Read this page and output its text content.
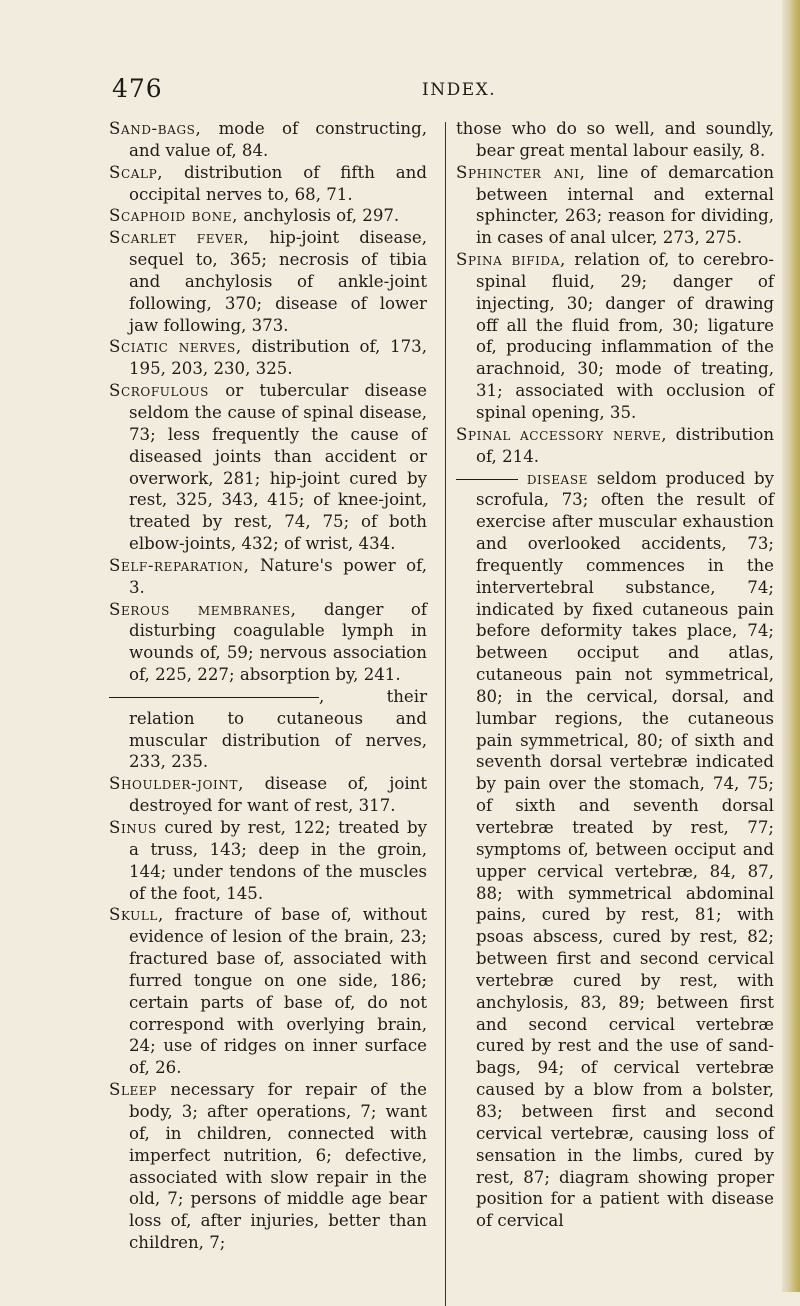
476	INDEX.

Sand-bags, mode of constructing, and value of, 84.

Scalp, distribution of fifth and occipital nerves to, 68, 71.

Scaphoid bone, anchylosis of, 297.

Scarlet fever, hip-joint disease, sequel to, 365; necrosis of tibia and anchylosis of ankle-joint following, 370; disease of lower jaw following, 373.

Sciatic nerves, distribution of, 173, 195, 203, 230, 325.

Scrofulous or tubercular disease seldom the cause of spinal disease, 73; less frequently the cause of diseased joints than accident or overwork, 281; hip-joint cured by rest, 325, 343, 415; of knee-joint, treated by rest, 74, 75; of both elbow-joints, 432; of wrist, 434.

Self-reparation, Nature's power of, 3.

Serous membranes, danger of disturbing coagulable lymph in wounds of, 59; nervous association of, 225, 227; absorption by, 241.

, their relation to cutaneous and muscular distribution of nerves, 233, 235.

Shoulder-joint, disease of, joint destroyed for want of rest, 317.

Sinus cured by rest, 122; treated by a truss, 143; deep in the groin, 144; under tendons of the muscles of the foot, 145.

Skull, fracture of base of, without evidence of lesion of the brain, 23; fractured base of, associated with furred tongue on one side, 186; certain parts of base of, do not correspond with overlying brain, 24; use of ridges on inner surface of, 26.

Sleep necessary for repair of the body, 3; after operations, 7; want of, in children, connected with imperfect nutrition, 6; defective, associated with slow repair in the old, 7; persons of middle age bear loss of, after injuries, better than children, 7;

those who do so well, and soundly, bear great mental labour easily, 8.

Sphincter ani, line of demarcation between internal and external sphincter, 263; reason for dividing, in cases of anal ulcer, 273, 275.

Spina bifida, relation of, to cerebro-spinal fluid, 29; danger of injecting, 30; danger of drawing off all the fluid from, 30; ligature of, producing inflammation of the arachnoid, 30; mode of treating, 31; associated with occlusion of spinal opening, 35.

Spinal accessory nerve, distribution of, 214.

disease seldom produced by scrofula, 73; often the result of exercise after muscular exhaustion and overlooked accidents, 73; frequently commences in the intervertebral substance, 74; indicated by fixed cutaneous pain before deformity takes place, 74; between occiput and atlas, cutaneous pain not symmetrical, 80; in the cervical, dorsal, and lumbar regions, the cutaneous pain symmetrical, 80; of sixth and seventh dorsal vertebræ indicated by pain over the stomach, 74, 75; of sixth and seventh dorsal vertebræ treated by rest, 77; symptoms of, between occiput and upper cervical vertebræ, 84, 87, 88; with symmetrical abdominal pains, cured by rest, 81; with psoas abscess, cured by rest, 82; between first and second cervical vertebræ cured by rest, with anchylosis, 83, 89; between first and second cervical vertebræ cured by rest and the use of sand-bags, 94; of cervical vertebræ caused by a blow from a bolster, 83; between first and second cervical vertebræ, causing loss of sensation in the limbs, cured by rest, 87; diagram showing proper position for a patient with disease of cervical
